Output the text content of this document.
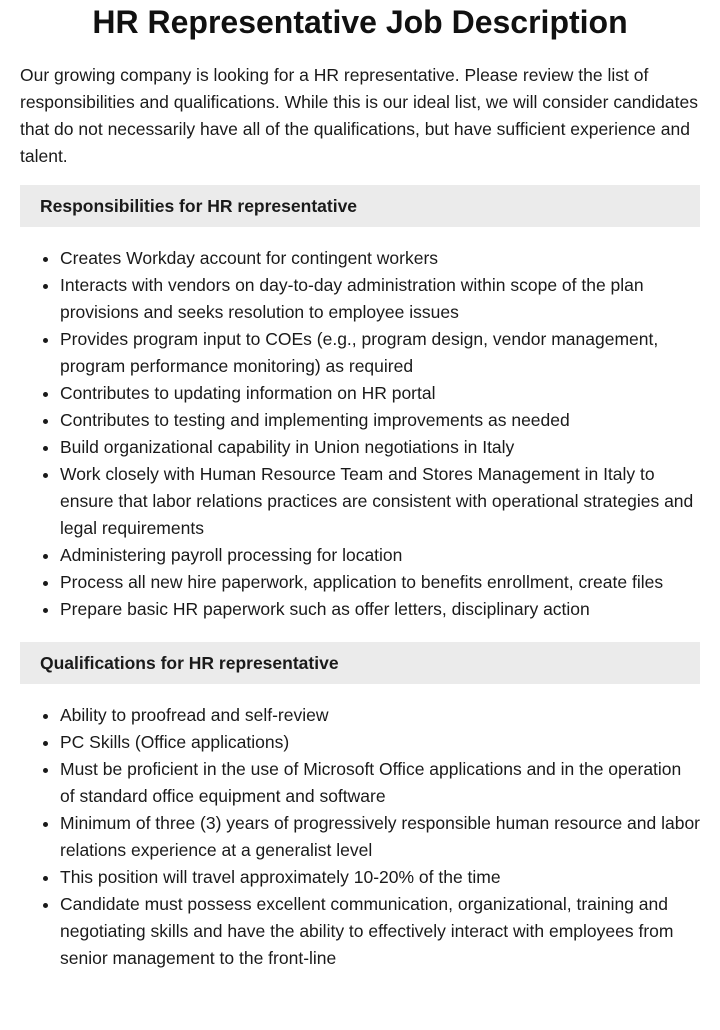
HR Representative Job Description

Our growing company is looking for a HR representative. Please review the list of responsibilities and qualifications. While this is our ideal list, we will consider candidates that do not necessarily have all of the qualifications, but have sufficient experience and talent.

Responsibilities for HR representative
• Creates Workday account for contingent workers
• Interacts with vendors on day-to-day administration within scope of the plan provisions and seeks resolution to employee issues
• Provides program input to COEs (e.g., program design, vendor management, program performance monitoring) as required
• Contributes to updating information on HR portal
• Contributes to testing and implementing improvements as needed
• Build organizational capability in Union negotiations in Italy
• Work closely with Human Resource Team and Stores Management in Italy to ensure that labor relations practices are consistent with operational strategies and legal requirements
• Administering payroll processing for location
• Process all new hire paperwork, application to benefits enrollment, create files
• Prepare basic HR paperwork such as offer letters, disciplinary action
Qualifications for HR representative
• Ability to proofread and self-review
• PC Skills (Office applications)
• Must be proficient in the use of Microsoft Office applications and in the operation of standard office equipment and software
• Minimum of three (3) years of progressively responsible human resource and labor relations experience at a generalist level
• This position will travel approximately 10-20% of the time
• Candidate must possess excellent communication, organizational, training and negotiating skills and have the ability to effectively interact with employees from senior management to the front-line
